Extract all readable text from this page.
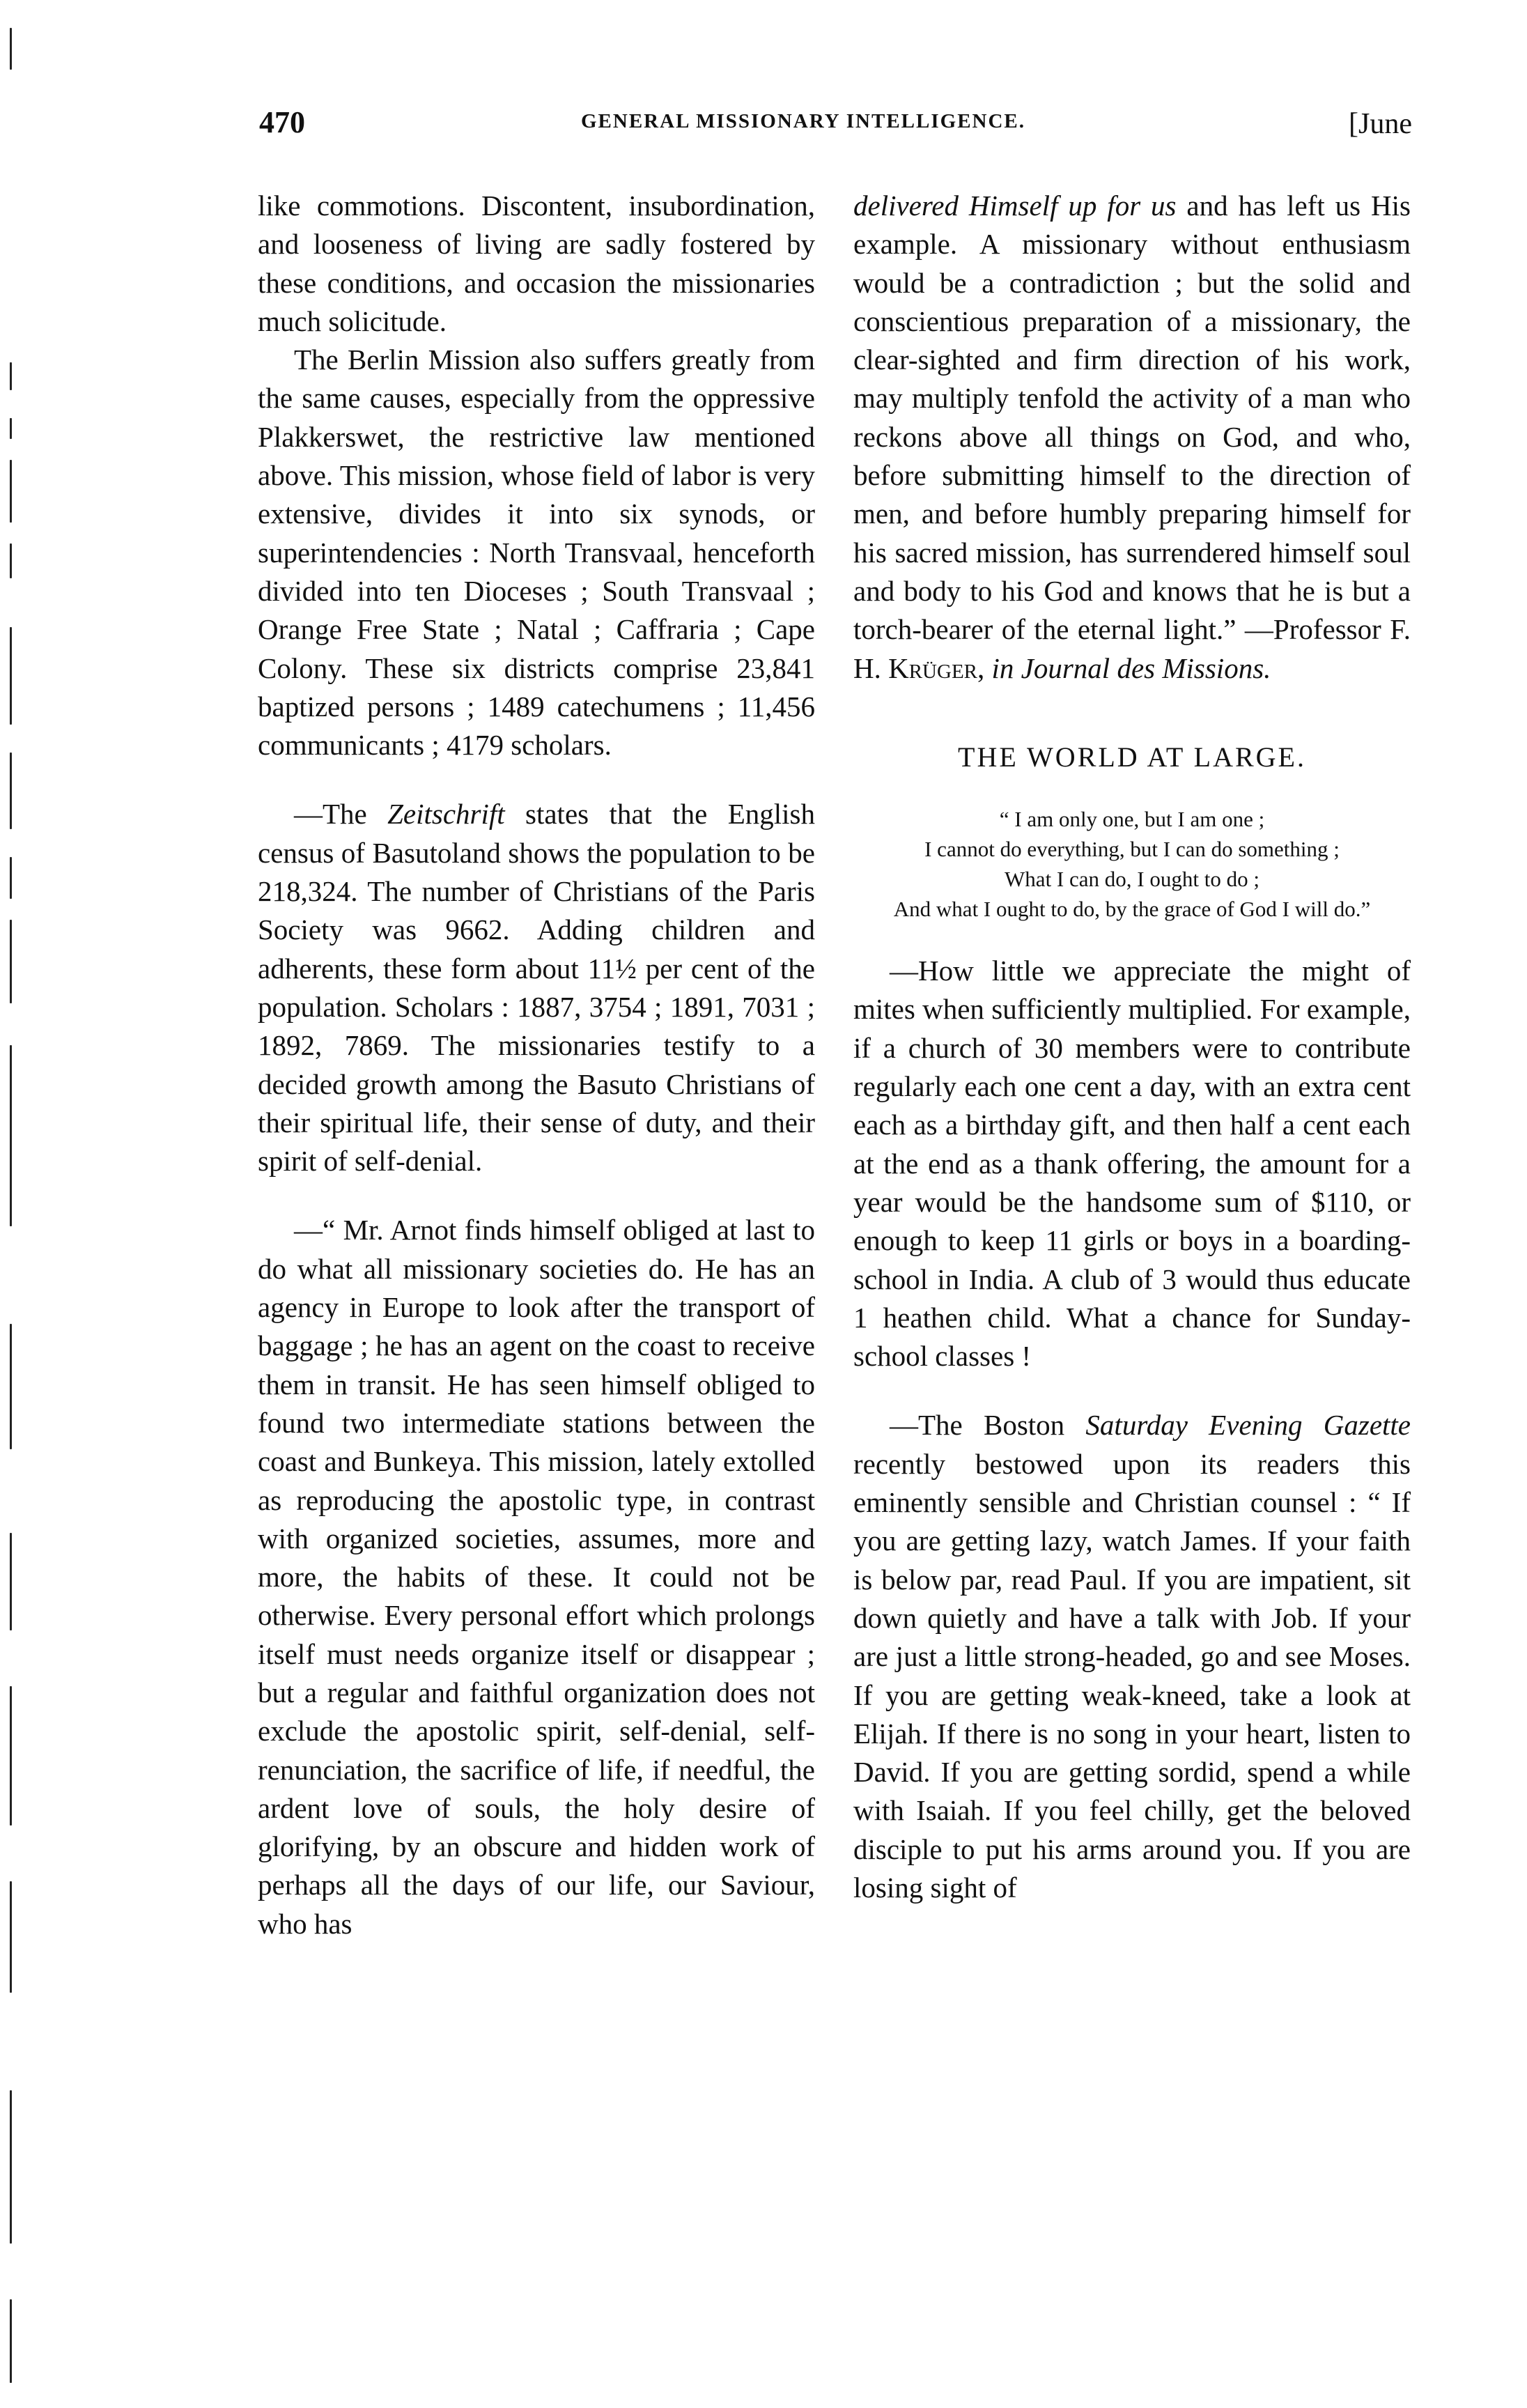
470	GENERAL MISSIONARY INTELLIGENCE.	[June

like commotions. Discontent, insubordination, and looseness of living are sadly fostered by these conditions, and occasion the missionaries much solicitude.

The Berlin Mission also suffers greatly from the same causes, especially from the oppressive Plakkerswet, the restrictive law mentioned above. This mission, whose field of labor is very extensive, divides it into six synods, or superintendencies : North Transvaal, henceforth divided into ten Dioceses ; South Transvaal ; Orange Free State ; Natal ; Caffraria ; Cape Colony. These six districts comprise 23,841 baptized persons ; 1489 catechumens ; 11,456 communicants ; 4179 scholars.

—The Zeitschrift states that the English census of Basutoland shows the population to be 218,324. The number of Christians of the Paris Society was 9662. Adding children and adherents, these form about 11½ per cent of the population. Scholars : 1887, 3754 ; 1891, 7031 ; 1892, 7869. The missionaries testify to a decided growth among the Basuto Christians of their spiritual life, their sense of duty, and their spirit of self-denial.

—“ Mr. Arnot finds himself obliged at last to do what all missionary societies do. He has an agency in Europe to look after the transport of baggage ; he has an agent on the coast to receive them in transit. He has seen himself obliged to found two intermediate stations between the coast and Bunkeya. This mission, lately extolled as reproducing the apostolic type, in contrast with organized societies, assumes, more and more, the habits of these. It could not be otherwise. Every personal effort which prolongs itself must needs organize itself or disappear ; but a regular and faithful organization does not exclude the apostolic spirit, self-denial, self-renunciation, the sacrifice of life, if needful, the ardent love of souls, the holy desire of glorifying, by an obscure and hidden work of perhaps all the days of our life, our Saviour, who has

delivered Himself up for us and has left us His example. A missionary without enthusiasm would be a contradiction ; but the solid and conscientious preparation of a missionary, the clear-sighted and firm direction of his work, may multiply tenfold the activity of a man who reckons above all things on God, and who, before submitting himself to the direction of men, and before humbly preparing himself for his sacred mission, has surrendered himself soul and body to his God and knows that he is but a torch-bearer of the eternal light.” —Professor F. H. Krüger, in Journal des Missions.

THE WORLD AT LARGE.
“ I am only one, but I am one ;
I cannot do everything, but I can do something ;
What I can do, I ought to do ;
And what I ought to do, by the grace of God I will do.”

—How little we appreciate the might of mites when sufficiently multiplied. For example, if a church of 30 members were to contribute regularly each one cent a day, with an extra cent each as a birthday gift, and then half a cent each at the end as a thank offering, the amount for a year would be the handsome sum of $110, or enough to keep 11 girls or boys in a boarding-school in India. A club of 3 would thus educate 1 heathen child. What a chance for Sunday-school classes !

—The Boston Saturday Evening Gazette recently bestowed upon its readers this eminently sensible and Christian counsel : “ If you are getting lazy, watch James. If your faith is below par, read Paul. If you are impatient, sit down quietly and have a talk with Job. If your are just a little strong-headed, go and see Moses. If you are getting weak-kneed, take a look at Elijah. If there is no song in your heart, listen to David. If you are getting sordid, spend a while with Isaiah. If you feel chilly, get the beloved disciple to put his arms around you. If you are losing sight of
